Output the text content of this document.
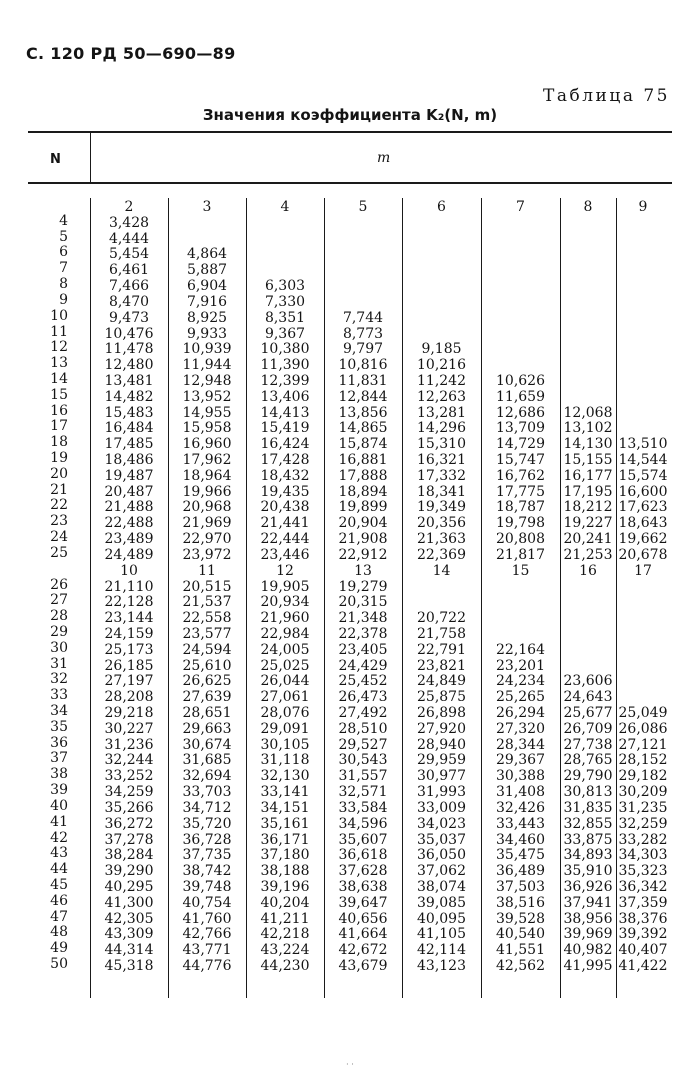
С. 120 РД 50—690—89
Таблица 75
Значения коэффициента K₂(N, m)
N	m

4
5
6
7
8
9
10
11
12
13
14
15
16
17
18
19
20
21
22
23
24
25

26
27
28
29
30
31
32
33
34
35
36
37
38
39
40
41
42
43
44
45
46
47
48
49
50
2
3,428
4,444
5,454
6,461
7,466
8,470
9,473
10,476
11,478
12,480
13,481
14,482
15,483
16,484
17,485
18,486
19,487
20,487
21,488
22,488
23,489
24,489
10
21,110
22,128
23,144
24,159
25,173
26,185
27,197
28,208
29,218
30,227
31,236
32,244
33,252
34,259
35,266
36,272
37,278
38,284
39,290
40,295
41,300
42,305
43,309
44,314
45,318
3

4,864
5,887
6,904
7,916
8,925
9,933
10,939
11,944
12,948
13,952
14,955
15,958
16,960
17,962
18,964
19,966
20,968
21,969
22,970
23,972
11
20,515
21,537
22,558
23,577
24,594
25,610
26,625
27,639
28,651
29,663
30,674
31,685
32,694
33,703
34,712
35,720
36,728
37,735
38,742
39,748
40,754
41,760
42,766
43,771
44,776
4

6,303
7,330
8,351
9,367
10,380
11,390
12,399
13,406
14,413
15,419
16,424
17,428
18,432
19,435
20,438
21,441
22,444
23,446
12
19,905
20,934
21,960
22,984
24,005
25,025
26,044
27,061
28,076
29,091
30,105
31,118
32,130
33,141
34,151
35,161
36,171
37,180
38,188
39,196
40,204
41,211
42,218
43,224
44,230
5

7,744
8,773
9,797
10,816
11,831
12,844
13,856
14,865
15,874
16,881
17,888
18,894
19,899
20,904
21,908
22,912
13
19,279
20,315
21,348
22,378
23,405
24,429
25,452
26,473
27,492
28,510
29,527
30,543
31,557
32,571
33,584
34,596
35,607
36,618
37,628
38,638
39,647
40,656
41,664
42,672
43,679
6

9,185
10,216
11,242
12,263
13,281
14,296
15,310
16,321
17,332
18,341
19,349
20,356
21,363
22,369
14

20,722
21,758
22,791
23,821
24,849
25,875
26,898
27,920
28,940
29,959
30,977
31,993
33,009
34,023
35,037
36,050
37,062
38,074
39,085
40,095
41,105
42,114
43,123
7

10,626
11,659
12,686
13,709
14,729
15,747
16,762
17,775
18,787
19,798
20,808
21,817
15

22,164
23,201
24,234
25,265
26,294
27,320
28,344
29,367
30,388
31,408
32,426
33,443
34,460
35,475
36,489
37,503
38,516
39,528
40,540
41,551
42,562
8

12,068
13,102
14,130
15,155
16,177
17,195
18,212
19,227
20,241
21,253
16

23,606
24,643
25,677
26,709
27,738
28,765
29,790
30,813
31,835
32,855
33,875
34,893
35,910
36,926
37,941
38,956
39,969
40,982
41,995
9

13,510
14,544
15,574
16,600
17,623
18,643
19,662
20,678
17

25,049
26,086
27,121
28,152
29,182
30,209
31,235
32,259
33,282
34,303
35,323
36,342
37,359
38,376
39,392
40,407
41,422
· ·
